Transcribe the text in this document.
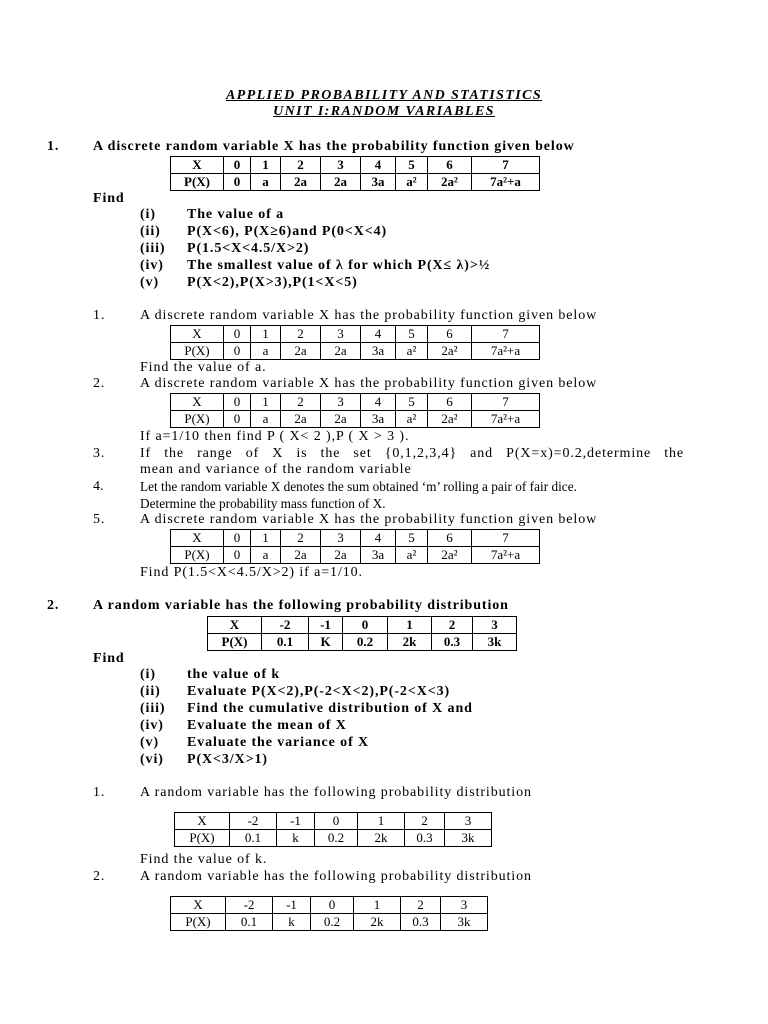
APPLIED PROBABILITY AND STATISTICS
UNIT I:RANDOM VARIABLES
1. A discrete random variable X has the probability function given below
X	0	1	2	3	4	5	6	7
P(X)	0	a	2a	2a	3a	a²	2a²	7a²+a
Find
(i) The value of a
(ii) P(X<6), P(X≥6)and P(0<X<4)
(iii) P(1.5<X<4.5/X>2)
(iv) The smallest value of λ for which P(X≤ λ)>½
(v) P(X<2),P(X>3),P(1<X<5)
1. A discrete random variable X has the probability function given below
X	0	1	2	3	4	5	6	7
P(X)	0	a	2a	2a	3a	a²	2a²	7a²+a
Find the value of a.
2. A discrete random variable X has the probability function given below
X	0	1	2	3	4	5	6	7
P(X)	0	a	2a	2a	3a	a²	2a²	7a²+a
If a=1/10 then find P ( X< 2 ),P ( X > 3 ).
3. If the range of X is the set {0,1,2,3,4} and P(X=x)=0.2,determine the
mean and variance of the random variable
4.	Let the random variable X denotes the sum obtained ‘m’ rolling a pair of fair dice.
Determine the probability mass function of X.
5. A discrete random variable X has the probability function given below
X	0	1	2	3	4	5	6	7
P(X)	0	a	2a	2a	3a	a²	2a²	7a²+a
Find P(1.5<X<4.5/X>2) if a=1/10.
2. A random variable has the following probability distribution
X	-2	-1	0	1	2	3
P(X)	0.1	K	0.2	2k	0.3	3k
Find
(i) the value of k
(ii) Evaluate P(X<2),P(-2<X<2),P(-2<X<3)
(iii) Find the cumulative distribution of X and
(iv) Evaluate the mean of X
(v) Evaluate the variance of X
(vi) P(X<3/X>1)
1. A random variable has the following probability distribution
X	-2	-1	0	1	2	3
P(X)	0.1	k	0.2	2k	0.3	3k
Find the value of k.
2. A random variable has the following probability distribution
X	-2	-1	0	1	2	3
P(X)	0.1	k	0.2	2k	0.3	3k
